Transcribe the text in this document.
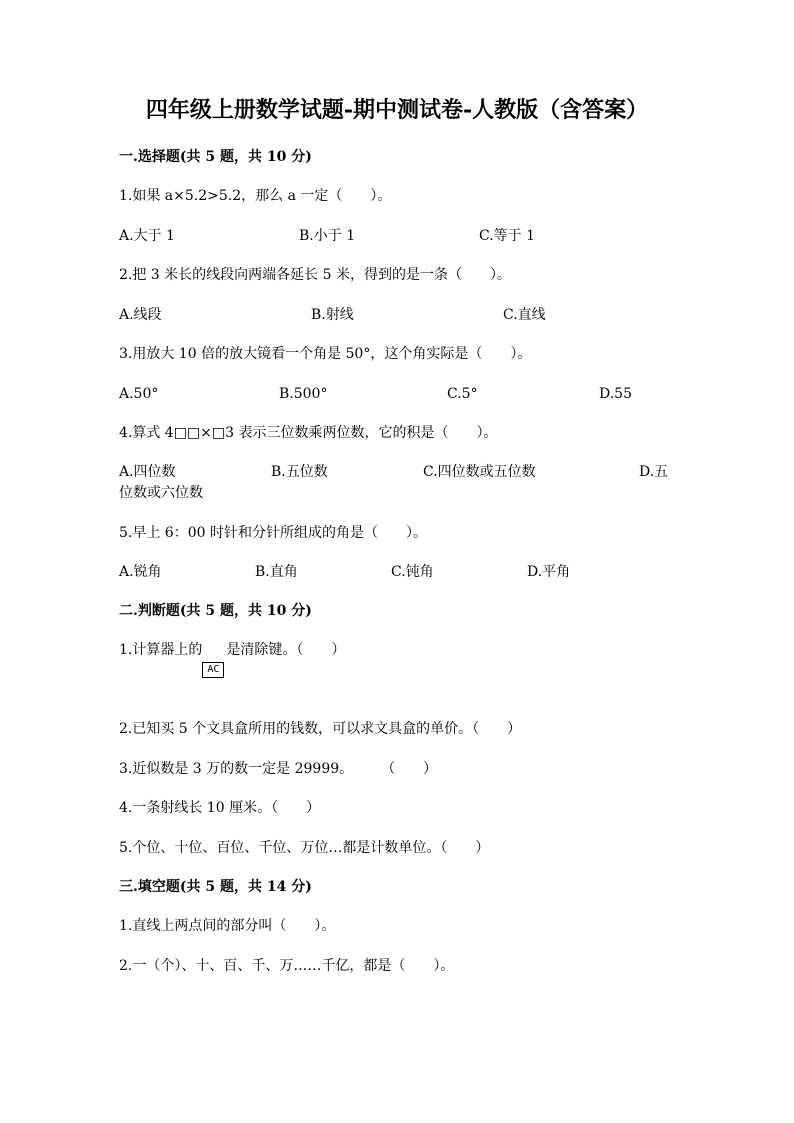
四年级上册数学试题-期中测试卷-人教版（含答案）
一.选择题(共 5 题，共 10 分)
1.如果 a×5.2>5.2，那么 a 一定（　　）。
A.大于 1	B.小于 1	C.等于 1
2.把 3 米长的线段向两端各延长 5 米，得到的是一条（　　）。
A.线段	B.射线	C.直线
3.用放大 10 倍的放大镜看一个角是 50°，这个角实际是（　　）。
A.50°	B.500°	C.5°	D.55
4.算式 4□□×□3 表示三位数乘两位数，它的积是（　　）。
A.四位数	B.五位数	C.四位数或五位数	D.五
位数或六位数
5.早上 6：00 时针和分针所组成的角是（　　）。
A.锐角	B.直角	C.钝角	D.平角
二.判断题(共 5 题，共 10 分)
1.计算器上的AC是清除键。（　　）
2.已知买 5 个文具盒所用的钱数，可以求文具盒的单价。（　　）
3.近似数是 3 万的数一定是 29999。　　　（　　）
4.一条射线长 10 厘米。（　　）
5.个位、十位、百位、千位、万位…都是计数单位。（　　）
三.填空题(共 5 题，共 14 分)
1.直线上两点间的部分叫（　　）。
2.一（个）、十、百、千、万……千亿，都是（　　）。
